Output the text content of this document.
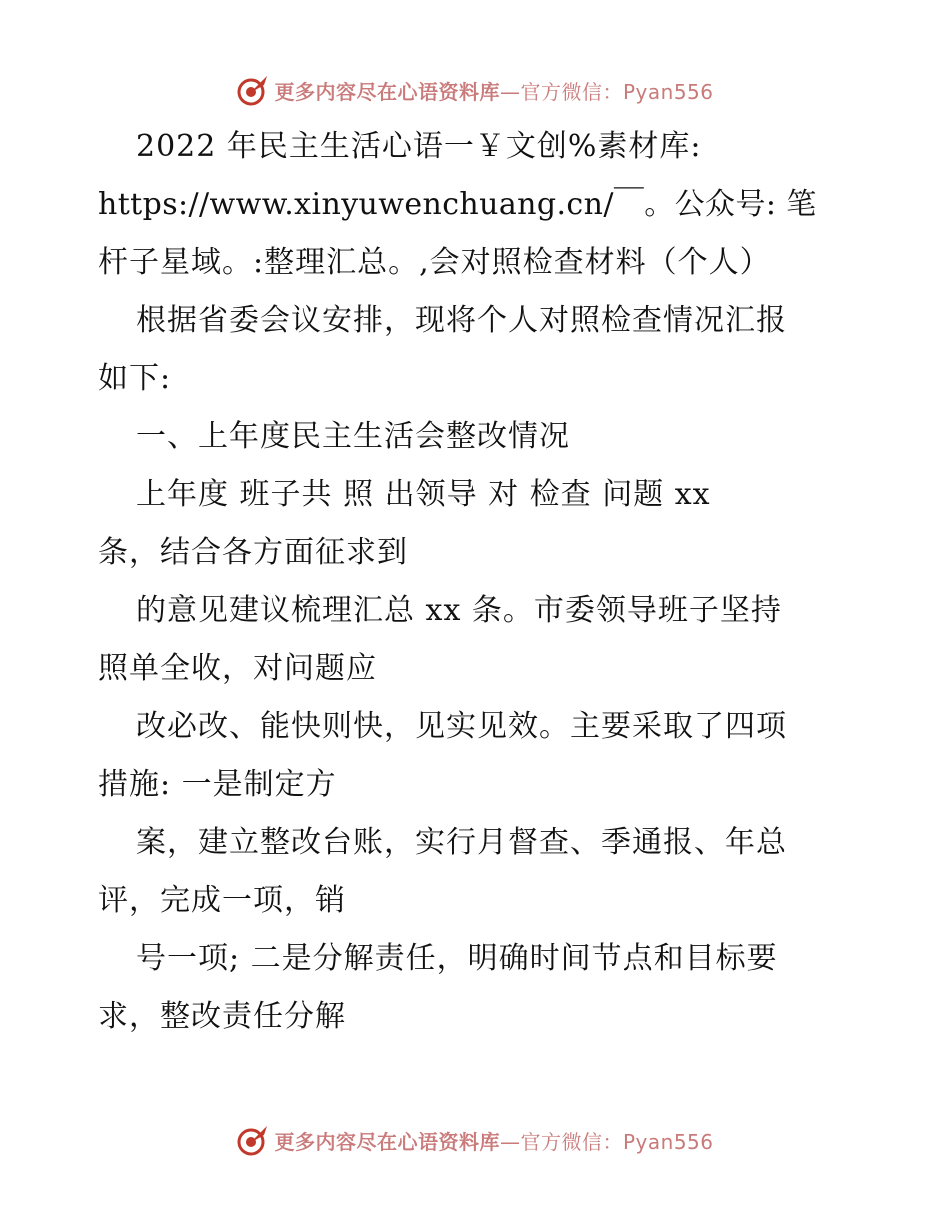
更多内容尽在心语资料库—官方微信：Pyan556
2022 年民主生活心语一￥文创%素材库:
https://www.xinyuwenchuang.cn/￣。公众号: 笔
杆子星域。:整理汇总。,会对照检查材料（个人）
根据省委会议安排，现将个人对照检查情况汇报
如下:
一、上年度民主生活会整改情况
上年度 班子共 照 出领导 对 检查 问题 xx
条，结合各方面征求到
的意见建议梳理汇总 xx 条。市委领导班子坚持
照单全收，对问题应
改必改、能快则快，见实见效。主要采取了四项
措施: 一是制定方
案，建立整改台账，实行月督查、季通报、年总
评，完成一项，销
号一项; 二是分解责任，明确时间节点和目标要
求，整改责任分解
更多内容尽在心语资料库—官方微信：Pyan556
